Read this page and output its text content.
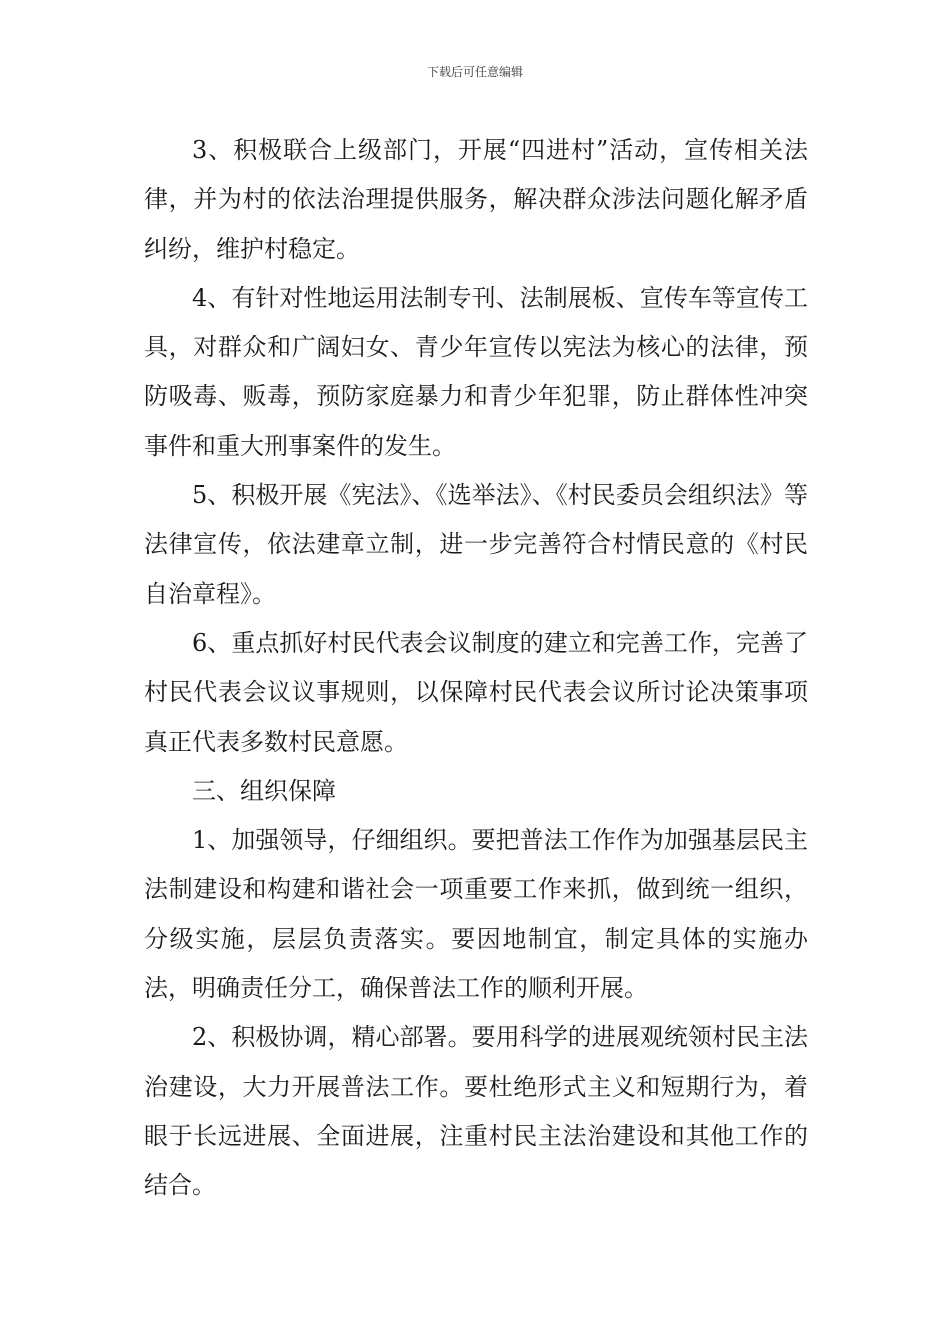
下载后可任意编辑

3、积极联合上级部门，开展“四进村”活动，宣传相关法律，并为村的依法治理提供服务，解决群众涉法问题化解矛盾纠纷，维护村稳定。

4、有针对性地运用法制专刊、法制展板、宣传车等宣传工具，对群众和广阔妇女、青少年宣传以宪法为核心的法律，预防吸毒、贩毒，预防家庭暴力和青少年犯罪，防止群体性冲突事件和重大刑事案件的发生。

5、积极开展《宪法》、《选举法》、《村民委员会组织法》等法律宣传，依法建章立制，进一步完善符合村情民意的《村民自治章程》。

6、重点抓好村民代表会议制度的建立和完善工作，完善了村民代表会议议事规则，以保障村民代表会议所讨论决策事项真正代表多数村民意愿。

三、组织保障

1、加强领导，仔细组织。要把普法工作作为加强基层民主法制建设和构建和谐社会一项重要工作来抓，做到统一组织，分级实施，层层负责落实。要因地制宜，制定具体的实施办法，明确责任分工，确保普法工作的顺利开展。

2、积极协调，精心部署。要用科学的进展观统领村民主法治建设，大力开展普法工作。要杜绝形式主义和短期行为，着眼于长远进展、全面进展，注重村民主法治建设和其他工作的结合。
